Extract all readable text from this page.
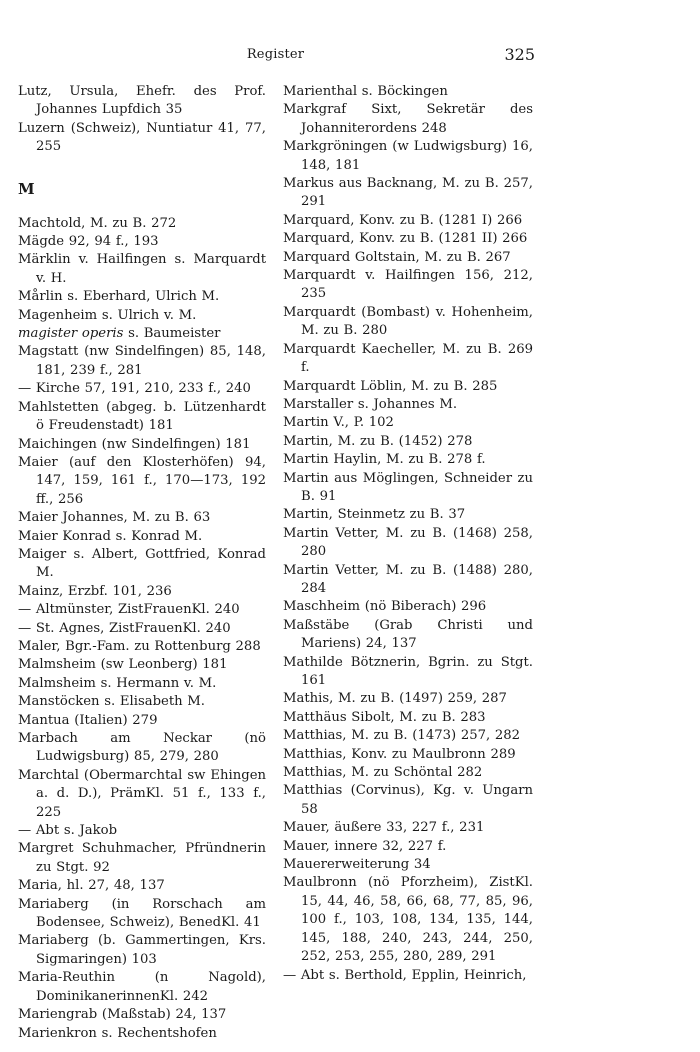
Register	325
Lutz, Ursula, Ehefr. des Prof. Johannes Lupfdich 35
Luzern (Schweiz), Nuntiatur 41, 77, 255
M
Machtold, M. zu B. 272
Mägde 92, 94 f., 193
Märklin v. Hailfingen s. Marquardt v. H.
Mårlin s. Eberhard, Ulrich M.
Magenheim s. Ulrich v. M.
magister operis s. Baumeister
Magstatt (nw Sindelfingen) 85, 148, 181, 239 f., 281
— Kirche 57, 191, 210, 233 f., 240
Mahlstetten (abgeg. b. Lützenhardt ö Freudenstadt) 181
Maichingen (nw Sindelfingen) 181
Maier (auf den Klosterhöfen) 94, 147, 159, 161 f., 170—173, 192 ff., 256
Maier Johannes, M. zu B. 63
Maier Konrad s. Konrad M.
Maiger s. Albert, Gottfried, Konrad M.
Mainz, Erzbf. 101, 236
— Altmünster, ZistFrauenKl. 240
— St. Agnes, ZistFrauenKl. 240
Maler, Bgr.-Fam. zu Rottenburg 288
Malmsheim (sw Leonberg) 181
Malmsheim s. Hermann v. M.
Manstöcken s. Elisabeth M.
Mantua (Italien) 279
Marbach am Neckar (nö Ludwigsburg) 85, 279, 280
Marchtal (Obermarchtal sw Ehingen a. d. D.), PrämKl. 51 f., 133 f., 225
— Abt s. Jakob
Margret Schuhmacher, Pfründnerin zu Stgt. 92
Maria, hl. 27, 48, 137
Mariaberg (in Rorschach am Bodensee, Schweiz), BenedKl. 41
Mariaberg (b. Gammertingen, Krs. Sigmaringen) 103
Maria-Reuthin (n Nagold), DominikanerinnenKl. 242
Mariengrab (Maßstab) 24, 137
Marienkron s. Rechentshofen
Marienthal s. Böckingen
Markgraf Sixt, Sekretär des Johanniterordens 248
Markgröningen (w Ludwigsburg) 16, 148, 181
Markus aus Backnang, M. zu B. 257, 291
Marquard, Konv. zu B. (1281 I) 266
Marquard, Konv. zu B. (1281 II) 266
Marquard Goltstain, M. zu B. 267
Marquardt v. Hailfingen 156, 212, 235
Marquardt (Bombast) v. Hohenheim, M. zu B. 280
Marquardt Kaecheller, M. zu B. 269 f.
Marquardt Löblin, M. zu B. 285
Marstaller s. Johannes M.
Martin V., P. 102
Martin, M. zu B. (1452) 278
Martin Haylin, M. zu B. 278 f.
Martin aus Möglingen, Schneider zu B. 91
Martin, Steinmetz zu B. 37
Martin Vetter, M. zu B. (1468) 258, 280
Martin Vetter, M. zu B. (1488) 280, 284
Maschheim (nö Biberach) 296
Maßstäbe (Grab Christi und Mariens) 24, 137
Mathilde Bötznerin, Bgrin. zu Stgt. 161
Mathis, M. zu B. (1497) 259, 287
Matthäus Sibolt, M. zu B. 283
Matthias, M. zu B. (1473) 257, 282
Matthias, Konv. zu Maulbronn 289
Matthias, M. zu Schöntal 282
Matthias (Corvinus), Kg. v. Ungarn 58
Mauer, äußere 33, 227 f., 231
Mauer, innere 32, 227 f.
Mauererweiterung 34
Maulbronn (nö Pforzheim), ZistKl. 15, 44, 46, 58, 66, 68, 77, 85, 96, 100 f., 103, 108, 134, 135, 144, 145, 188, 240, 243, 244, 250, 252, 253, 255, 280, 289, 291
— Abt s. Berthold, Epplin, Heinrich,
